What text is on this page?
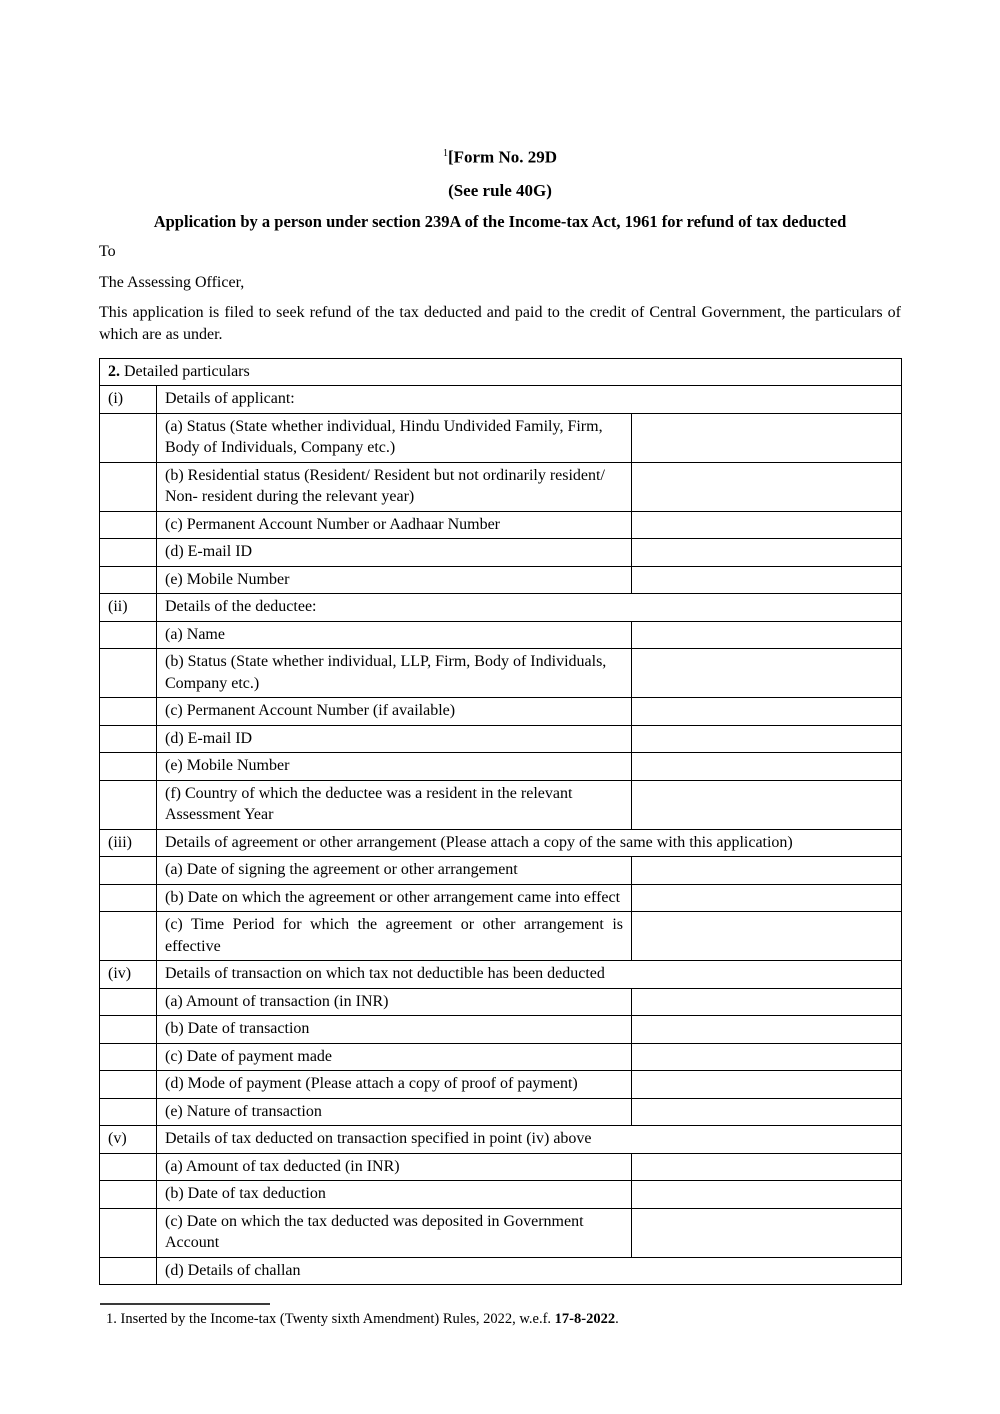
$^1$[Form No. 29D
(See rule 40G)
Application by a person under section 239A of the Income-tax Act, 1961 for refund of tax deducted

To

The Assessing Officer,

This application is filed to seek refund of the tax deducted and paid to the credit of Central Government, the particulars of which are as under.

2. Detailed particulars		
(i)	Details of applicant:	
	(a) Status (State whether individual, Hindu Undivided Family, Firm, Body of Individuals, Company etc.)	
	(b) Residential status (Resident/ Resident but not ordinarily resident/ Non- resident during the relevant year)	
	(c) Permanent Account Number or Aadhaar Number	
	(d) E-mail ID	
	(e) Mobile Number	
(ii)	Details of the deductee:	
	(a) Name	
	(b) Status (State whether individual, LLP, Firm, Body of Individuals, Company etc.)	
	(c) Permanent Account Number (if available)	
	(d) E-mail ID	
	(e) Mobile Number	
	(f) Country of which the deductee was a resident in the relevant Assessment Year	
(iii)	Details of agreement or other arrangement (Please attach a copy of the same with this application)	
	(a) Date of signing the agreement or other arrangement	
	(b) Date on which the agreement or other arrangement came into effect	
	(c) Time Period for which the agreement or other arrangement is effective	
(iv)	Details of transaction on which tax not deductible has been deducted	
	(a) Amount of transaction (in INR)	
	(b) Date of transaction	
	(c) Date of payment made	
	(d) Mode of payment (Please attach a copy of proof of payment)	
	(e) Nature of transaction	
(v)	Details of tax deducted on transaction specified in point (iv) above	
	(a) Amount of tax deducted (in INR)	
	(b) Date of tax deduction	
	(c) Date on which the tax deducted was deposited in Government Account	
	(d) Details of challan	

1. Inserted by the Income-tax (Twenty sixth Amendment) Rules, 2022, w.e.f. 17-8-2022.
